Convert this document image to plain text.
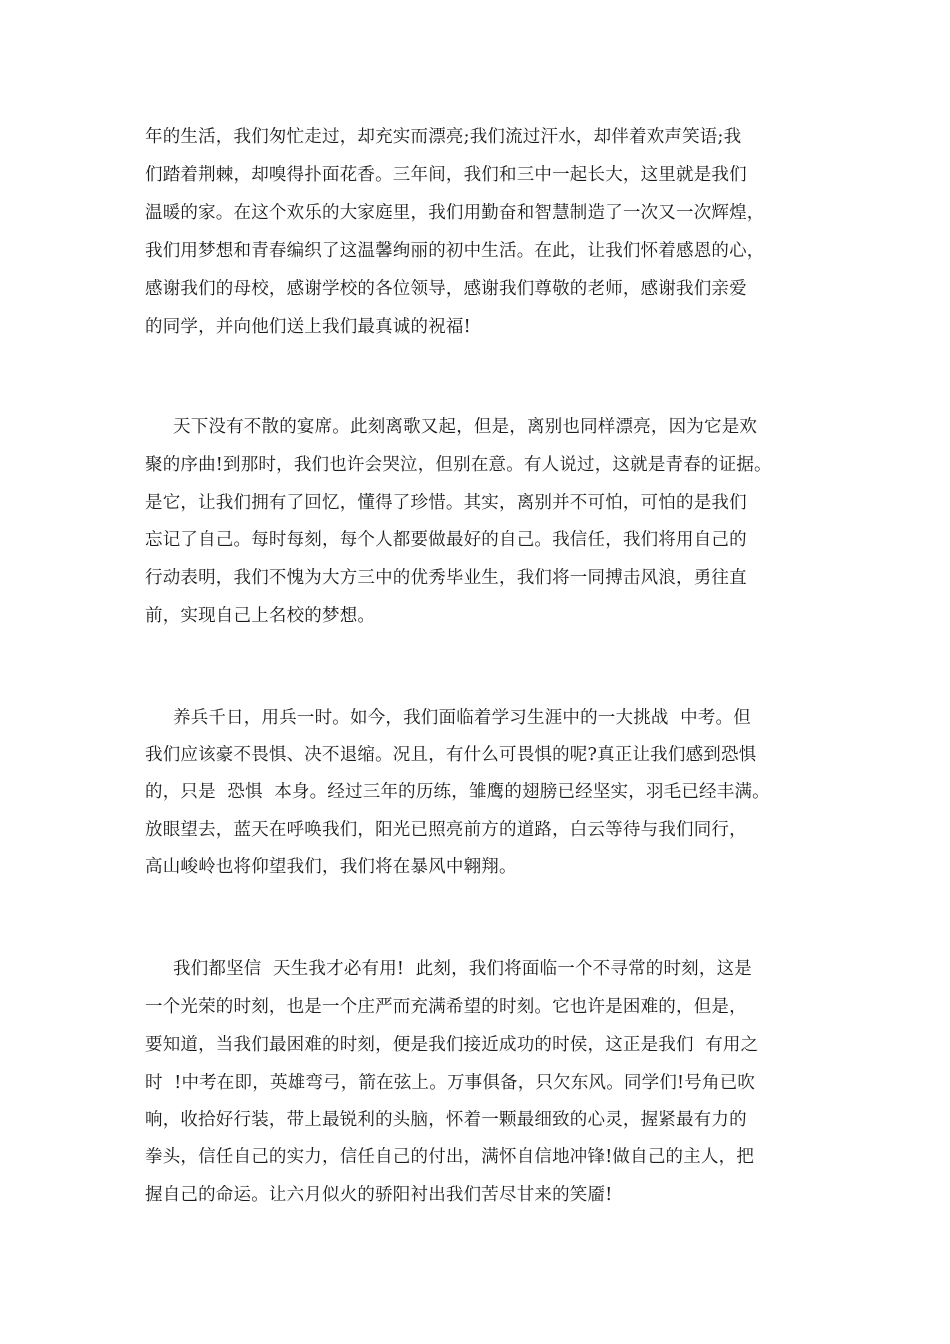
年的生活，我们匆忙走过，却充实而漂亮;我们流过汗水，却伴着欢声笑语;我
们踏着荆棘，却嗅得扑面花香。三年间，我们和三中一起长大，这里就是我们
温暖的家。在这个欢乐的大家庭里，我们用勤奋和智慧制造了一次又一次辉煌，
我们用梦想和青春编织了这温馨绚丽的初中生活。在此，让我们怀着感恩的心，
感谢我们的母校，感谢学校的各位领导，感谢我们尊敬的老师，感谢我们亲爱
的同学，并向他们送上我们最真诚的祝福!
天下没有不散的宴席。此刻离歌又起，但是，离别也同样漂亮，因为它是欢
聚的序曲!到那时，我们也许会哭泣，但别在意。有人说过，这就是青春的证据。
是它，让我们拥有了回忆，懂得了珍惜。其实，离别并不可怕，可怕的是我们
忘记了自己。每时每刻，每个人都要做最好的自己。我信任，我们将用自己的
行动表明，我们不愧为大方三中的优秀毕业生，我们将一同搏击风浪，勇往直
前，实现自己上名校的梦想。
养兵千日，用兵一时。如今，我们面临着学习生涯中的一大挑战  中考。但
我们应该豪不畏惧、决不退缩。况且，有什么可畏惧的呢?真正让我们感到恐惧
的，只是  恐惧  本身。经过三年的历练，雏鹰的翅膀已经坚实，羽毛已经丰满。
放眼望去，蓝天在呼唤我们，阳光已照亮前方的道路，白云等待与我们同行，
高山峻岭也将仰望我们，我们将在暴风中翱翔。
我们都坚信  天生我才必有用!  此刻，我们将面临一个不寻常的时刻，这是
一个光荣的时刻，也是一个庄严而充满希望的时刻。它也许是困难的，但是，
要知道，当我们最困难的时刻，便是我们接近成功的时侯，这正是我们  有用之
时  !中考在即，英雄弯弓，箭在弦上。万事俱备，只欠东风。同学们!号角已吹
响，收拾好行装，带上最锐利的头脑，怀着一颗最细致的心灵，握紧最有力的
拳头，信任自己的实力，信任自己的付出，满怀自信地冲锋!做自己的主人，把
握自己的命运。让六月似火的骄阳衬出我们苦尽甘来的笑靥!
